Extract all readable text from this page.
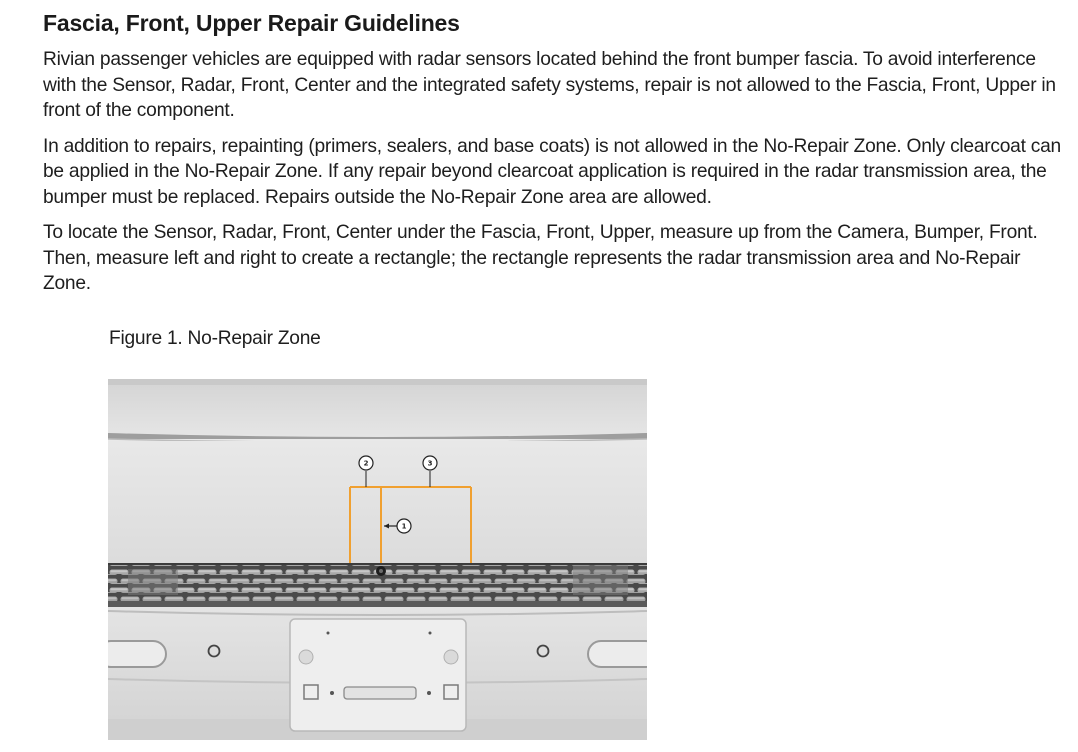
Fascia, Front, Upper Repair Guidelines

Rivian passenger vehicles are equipped with radar sensors located behind the front bumper fascia. To avoid interference with the Sensor, Radar, Front, Center and the integrated safety systems, repair is not allowed to the Fascia, Front, Upper in front of the component.

In addition to repairs, repainting (primers, sealers, and base coats) is not allowed in the No-Repair Zone. Only clearcoat can be applied in the No-Repair Zone. If any repair beyond clearcoat application is required in the radar transmission area, the bumper must be replaced. Repairs outside the No-Repair Zone area are allowed.

To locate the Sensor, Radar, Front, Center under the Fascia, Front, Upper, measure up from the Camera, Bumper, Front. Then, measure left and right to create a rectangle; the rectangle represents the radar transmission area and No-Repair Zone.

Figure 1. No-Repair Zone
2	3
1
